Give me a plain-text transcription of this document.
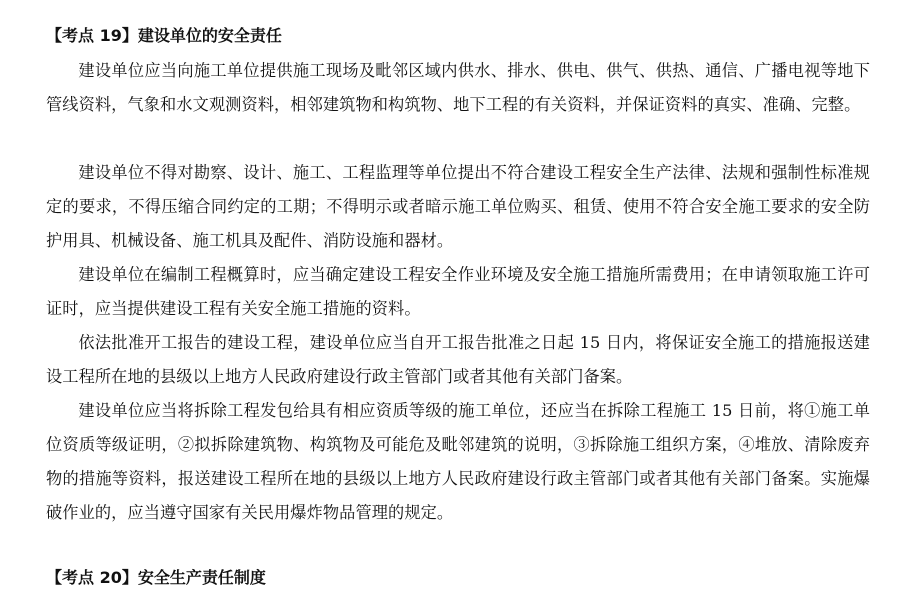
【考点 19】建设单位的安全责任

建设单位应当向施工单位提供施工现场及毗邻区域内供水、排水、供电、供气、供热、通信、广播电视等地下管线资料，气象和水文观测资料，相邻建筑物和构筑物、地下工程的有关资料，并保证资料的真实、准确、完整。

建设单位不得对勘察、设计、施工、工程监理等单位提出不符合建设工程安全生产法律、法规和强制性标准规定的要求，不得压缩合同约定的工期；不得明示或者暗示施工单位购买、租赁、使用不符合安全施工要求的安全防护用具、机械设备、施工机具及配件、消防设施和器材。

建设单位在编制工程概算时，应当确定建设工程安全作业环境及安全施工措施所需费用；在申请领取施工许可证时，应当提供建设工程有关安全施工措施的资料。

依法批准开工报告的建设工程，建设单位应当自开工报告批准之日起 15 日内，将保证安全施工的措施报送建设工程所在地的县级以上地方人民政府建设行政主管部门或者其他有关部门备案。

建设单位应当将拆除工程发包给具有相应资质等级的施工单位，还应当在拆除工程施工 15 日前，将①施工单位资质等级证明，②拟拆除建筑物、构筑物及可能危及毗邻建筑的说明，③拆除施工组织方案，④堆放、清除废弃物的措施等资料，报送建设工程所在地的县级以上地方人民政府建设行政主管部门或者其他有关部门备案。实施爆破作业的，应当遵守国家有关民用爆炸物品管理的规定。

【考点 20】安全生产责任制度
